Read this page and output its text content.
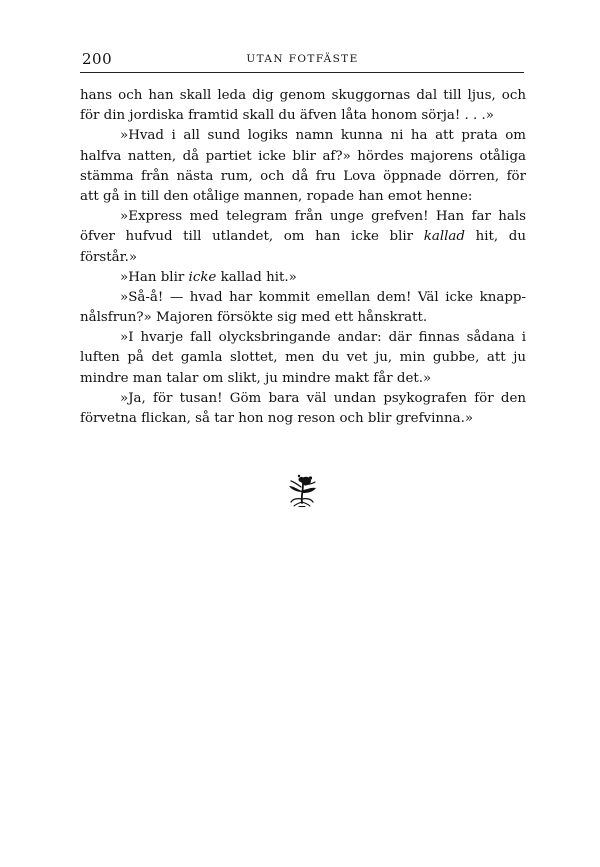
200	UTAN FOTFÄSTE
hans och han skall leda dig genom skuggornas dal till ljus, och
för din jordiska framtid skall du äfven låta honom sörja! . . .»
»Hvad i all sund logiks namn kunna ni ha att prata om
halfva natten, då partiet icke blir af?» hördes majorens otåliga
stämma från nästa rum, och då fru Lova öppnade dörren, för
att gå in till den otålige mannen, ropade han emot henne:
»Express med telegram från unge grefven! Han far hals
öfver hufvud till utlandet, om han icke blir kallad hit, du
förstår.»
»Han blir icke kallad hit.»
»Så-å! — hvad har kommit emellan dem! Väl icke knapp-
nålsfrun?» Majoren försökte sig med ett hånskratt.
»I hvarje fall olycksbringande andar: där finnas sådana i
luften på det gamla slottet, men du vet ju, min gubbe, att ju
mindre man talar om slikt, ju mindre makt får det.»
»Ja, för tusan! Göm bara väl undan psykografen för den
förvetna flickan, så tar hon nog reson och blir grefvinna.»
